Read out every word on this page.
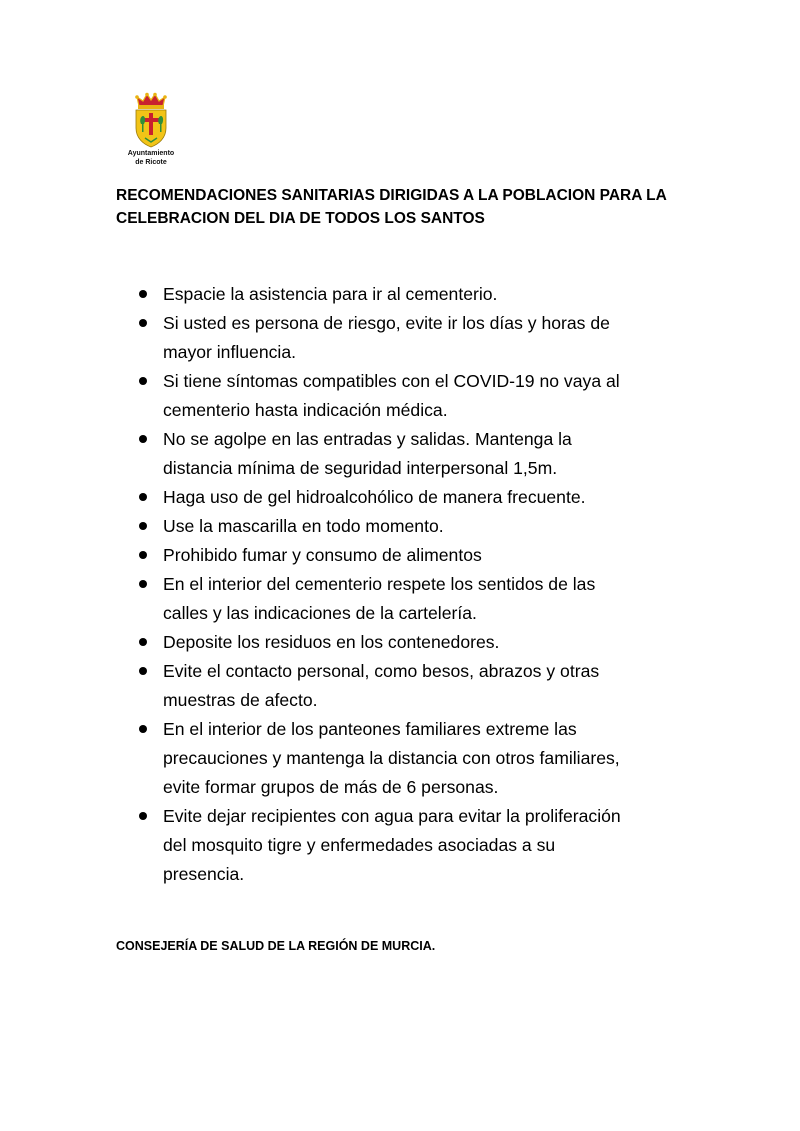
Ayuntamiento
de Ricote
RECOMENDACIONES SANITARIAS DIRIGIDAS A LA POBLACION PARA LA
CELEBRACION DEL DIA DE TODOS LOS SANTOS
Espacie la asistencia para ir al cementerio.
Si usted es persona de riesgo, evite ir los días y horas de
mayor influencia.
Si tiene síntomas compatibles con el COVID-19 no vaya al
cementerio hasta indicación médica.
No se agolpe en las entradas y salidas. Mantenga la
distancia mínima de seguridad interpersonal 1,5m.
Haga uso de gel hidroalcohólico de manera frecuente.
Use la mascarilla en todo momento.
Prohibido fumar y consumo de alimentos
En el interior del cementerio respete los sentidos de las
calles y las indicaciones de la cartelería.
Deposite los residuos en los contenedores.
Evite el contacto personal, como besos, abrazos y otras
muestras de afecto.
En el interior de los panteones familiares extreme las
precauciones y mantenga la distancia con otros familiares,
evite formar grupos de más de 6 personas.
Evite dejar recipientes con agua para evitar la proliferación
del mosquito tigre y enfermedades asociadas a su
presencia.
CONSEJERÍA DE SALUD DE LA REGIÓN DE MURCIA.
